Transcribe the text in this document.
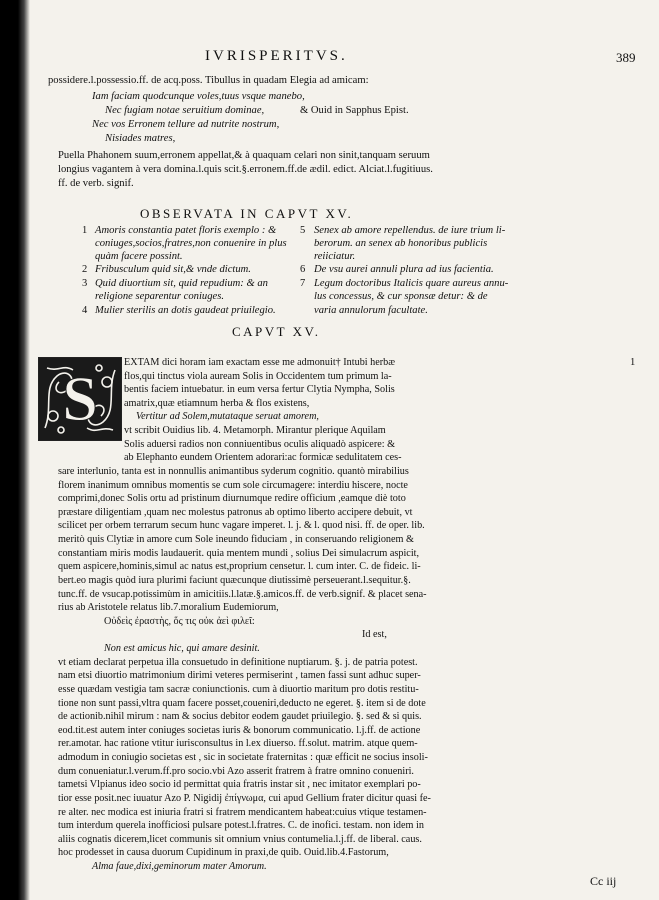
IVRISPERITVS.	389
possidere.l.possessio.ff. de acq.poss. Tibullus in quadam Elegia ad amicam:
Iam faciam quodcunque voles,tuus vsque manebo,
Nec fugiam notae seruitium dominae,	& Ouid in Sapphus Epist.
Nec vos Erronem tellure ad nutrite nostrum,
Nisiades matres,
Puella Phahonem suum,erronem appellat,& à quaquam celari non sinit,tanquam seruum
longius vagantem à vera domina.l.quis scit.§.erronem.ff.de ædil. edict. Alciat.l.fugitiuus.
ff. de verb. signif.
OBSERVATA IN CAPVT XV.
1 Amoris constantia patet floris exemplo : &
coniuges,socios,fratres,non conuenire in plus
quàm facere possint.
2 Fribusculum quid sit,& vnde dictum.
3 Quid diuortium sit, quid repudium: & an
religione separentur coniuges.
4 Mulier sterilis an dotis gaudeat priuilegio.
5 Senex ab amore repellendus. de iure trium li-
berorum. an senex ab honoribus publicis
reiiciatur.
6 De vsu aurei annuli plura ad ius facientia.
7 Legum doctoribus Italicis quare aureus annu-
lus concessus, & cur sponsæ detur: & de
varia annulorum facultate.
CAPVT XV.
S
EXTAM dici horam iam exactam esse me admonuit† Intubi herbæ
flos,qui tinctus viola auream Solis in Occidentem tum primum la-
bentis faciem intuebatur. in eum versa fertur Clytia Nympha, Solis
amatrix,quæ etiamnum herba & flos existens,
Vertitur ad Solem,mutataque seruat amorem,
vt scribit Ouidius lib. 4. Metamorph. Mirantur plerique Aquilam
Solis aduersi radios non conniuentibus oculis aliquadò aspicere: &
ab Elephanto eundem Orientem adorari:ac formicæ sedulitatem ces-
sare interlunio, tanta est in nonnullis animantibus syderum cognitio. quantò mirabilius
florem inanimum omnibus momentis se cum sole circumagere: interdiu hiscere, nocte
comprimi,donec Solis ortu ad pristinum diurnumque redire officium ,eamque diè toto
præstare diligentiam ,quam nec molestus patronus ab optimo liberto accipere debuit, vt
scilicet per orbem terrarum secum hunc vagare imperet. l. j. & l. quod nisi. ff. de oper. lib.
meritò quis Clytiæ in amore cum Sole ineundo fiduciam , in conseruando religionem &
constantiam miris modis laudauerit. quia mentem mundi , solius Dei simulacrum aspicit,
quem aspicere,hominis,simul ac natus est,proprium censetur. l. cum inter. C. de fideic. li-
bert.eo magis quòd iura plurimi faciunt quæcunque diutissimè perseuerant.l.sequitur.§.
tunc.ff. de vsucap.potissimùm in amicitiis.l.latæ.§.amicos.ff. de verb.signif. & placet sena-
rius ab Aristotele relatus lib.7.moralium Eudemiorum,
Οὐδεὶς ἐραστὴς, ὅς τις οὐκ ἀεὶ φιλεῖ:
Id est,
Non est amicus hic, qui amare desinit.
vt etiam declarat perpetua illa consuetudo in definitione nuptiarum. §. j. de patria potest.
nam etsi diuortio matrimonium dirimi veteres permiserint , tamen fassi sunt adhuc super-
esse quædam vestigia tam sacræ coniunctionis. cum à diuortio maritum pro dotis restitu-
tione non sunt passi,vltra quam facere posset,coueniri,deducto ne egeret. §. item si de dote
de actionib.nihil mirum : nam & socius debitor eodem gaudet priuilegio. §. sed & si quis.
eod.tit.est autem inter coniuges societas iuris & bonorum communicatio. l.j.ff. de actione
rer.amotar. hac ratione vtitur iurisconsultus in l.ex diuerso. ff.solut. matrim. atque quem-
admodum in coniugio societas est , sic in societate fraternitas : quæ efficit ne socius insoli-
dum conueniatur.l.verum.ff.pro socio.vbi Azo asserit fratrem à fratre omnino conueniri.
tametsi Vlpianus ideo socio id permittat quia fratris instar sit , nec imitator exemplari po-
tior esse posit.nec iuuatur Azo P. Nigidij ἐπίγνωμα, cui apud Gellium frater dicitur quasi fe-
re alter. nec modica est iniuria fratri si fratrem mendicantem habeat:cuius vtique testamen-
tum interdum querela inofficiosi pulsare potest.l.fratres. C. de inofici. testam. non idem in
aliis cognatis dicerem,licet communis sit omnium vnius contumelia.l.j.ff. de liberal. caus.
hoc prodesset in causa duorum Cupidinum in praxi,de quib. Ouid.lib.4.Fastorum,
Alma faue,dixi,geminorum mater Amorum.
1
Cc iij
